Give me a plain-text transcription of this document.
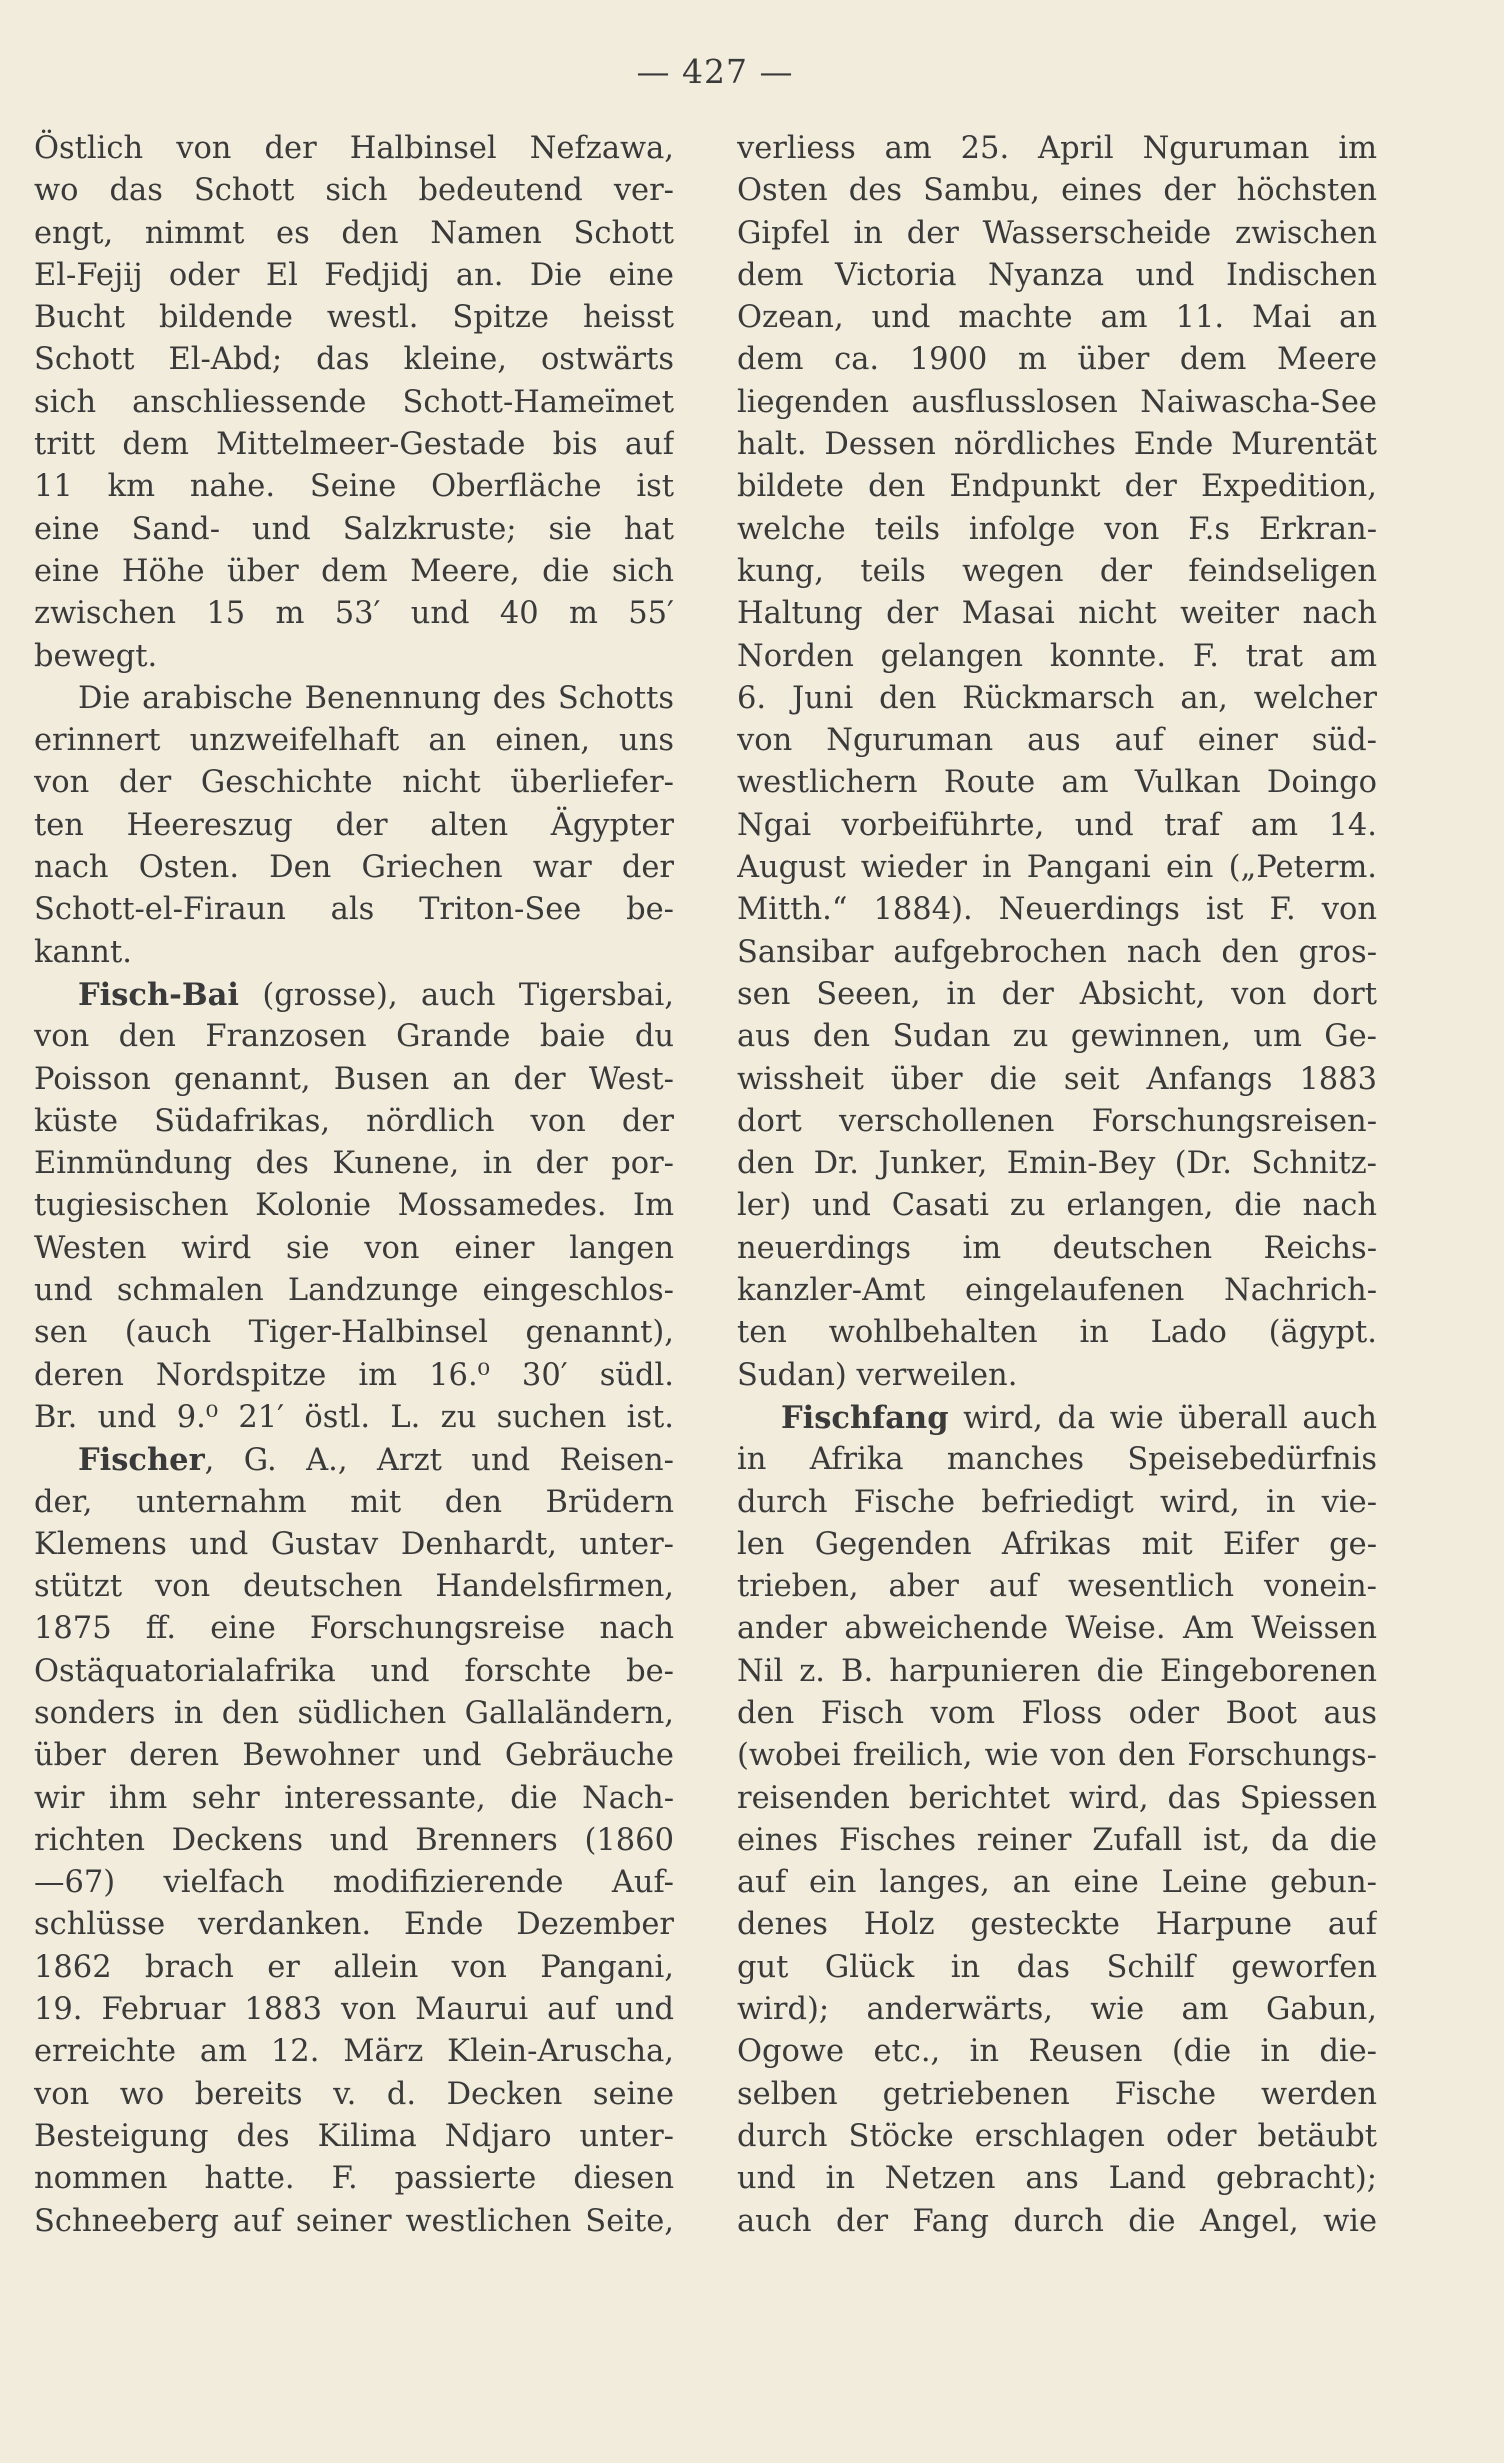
— 427 —
Östlich von der Halbinsel Nefzawa,
wo das Schott sich bedeutend ver-
engt, nimmt es den Namen Schott
El-Fejij oder El Fedjidj an. Die eine
Bucht bildende westl. Spitze heisst
Schott El-Abd; das kleine, ostwärts
sich anschliessende Schott-Hameïmet
tritt dem Mittelmeer-Gestade bis auf
11 km nahe. Seine Oberfläche ist
eine Sand- und Salzkruste; sie hat
eine Höhe über dem Meere, die sich
zwischen 15 m 53′ und 40 m 55′
bewegt.
Die arabische Benennung des Schotts
erinnert unzweifelhaft an einen, uns
von der Geschichte nicht überliefer-
ten Heereszug der alten Ägypter
nach Osten. Den Griechen war der
Schott-el-Firaun als Triton-See be-
kannt.
Fisch-Bai (grosse), auch Tigersbai,
von den Franzosen Grande baie du
Poisson genannt, Busen an der West-
küste Südafrikas, nördlich von der
Einmündung des Kunene, in der por-
tugiesischen Kolonie Mossamedes. Im
Westen wird sie von einer langen
und schmalen Landzunge eingeschlos-
sen (auch Tiger-Halbinsel genannt),
deren Nordspitze im 16.⁰ 30′ südl.
Br. und 9.⁰ 21′ östl. L. zu suchen ist.
Fischer, G. A., Arzt und Reisen-
der, unternahm mit den Brüdern
Klemens und Gustav Denhardt, unter-
stützt von deutschen Handelsfirmen,
1875 ff. eine Forschungsreise nach
Ostäquatorialafrika und forschte be-
sonders in den südlichen Gallaländern,
über deren Bewohner und Gebräuche
wir ihm sehr interessante, die Nach-
richten Deckens und Brenners (1860
—67) vielfach modifizierende Auf-
schlüsse verdanken. Ende Dezember
1862 brach er allein von Pangani,
19. Februar 1883 von Maurui auf und
erreichte am 12. März Klein-Aruscha,
von wo bereits v. d. Decken seine
Besteigung des Kilima Ndjaro unter-
nommen hatte. F. passierte diesen
Schneeberg auf seiner westlichen Seite,
verliess am 25. April Nguruman im
Osten des Sambu, eines der höchsten
Gipfel in der Wasserscheide zwischen
dem Victoria Nyanza und Indischen
Ozean, und machte am 11. Mai an
dem ca. 1900 m über dem Meere
liegenden ausflusslosen Naiwascha-See
halt. Dessen nördliches Ende Murentät
bildete den Endpunkt der Expedition,
welche teils infolge von F.s Erkran-
kung, teils wegen der feindseligen
Haltung der Masai nicht weiter nach
Norden gelangen konnte. F. trat am
6. Juni den Rückmarsch an, welcher
von Nguruman aus auf einer süd-
westlichern Route am Vulkan Doingo
Ngai vorbeiführte, und traf am 14.
August wieder in Pangani ein („Peterm.
Mitth.“ 1884). Neuerdings ist F. von
Sansibar aufgebrochen nach den gros-
sen Seeen, in der Absicht, von dort
aus den Sudan zu gewinnen, um Ge-
wissheit über die seit Anfangs 1883
dort verschollenen Forschungsreisen-
den Dr. Junker, Emin-Bey (Dr. Schnitz-
ler) und Casati zu erlangen, die nach
neuerdings im deutschen Reichs-
kanzler-Amt eingelaufenen Nachrich-
ten wohlbehalten in Lado (ägypt.
Sudan) verweilen.
Fischfang wird, da wie überall auch
in Afrika manches Speisebedürfnis
durch Fische befriedigt wird, in vie-
len Gegenden Afrikas mit Eifer ge-
trieben, aber auf wesentlich vonein-
ander abweichende Weise. Am Weissen
Nil z. B. harpunieren die Eingeborenen
den Fisch vom Floss oder Boot aus
(wobei freilich, wie von den Forschungs-
reisenden berichtet wird, das Spiessen
eines Fisches reiner Zufall ist, da die
auf ein langes, an eine Leine gebun-
denes Holz gesteckte Harpune auf
gut Glück in das Schilf geworfen
wird); anderwärts, wie am Gabun,
Ogowe etc., in Reusen (die in die-
selben getriebenen Fische werden
durch Stöcke erschlagen oder betäubt
und in Netzen ans Land gebracht);
auch der Fang durch die Angel, wie
